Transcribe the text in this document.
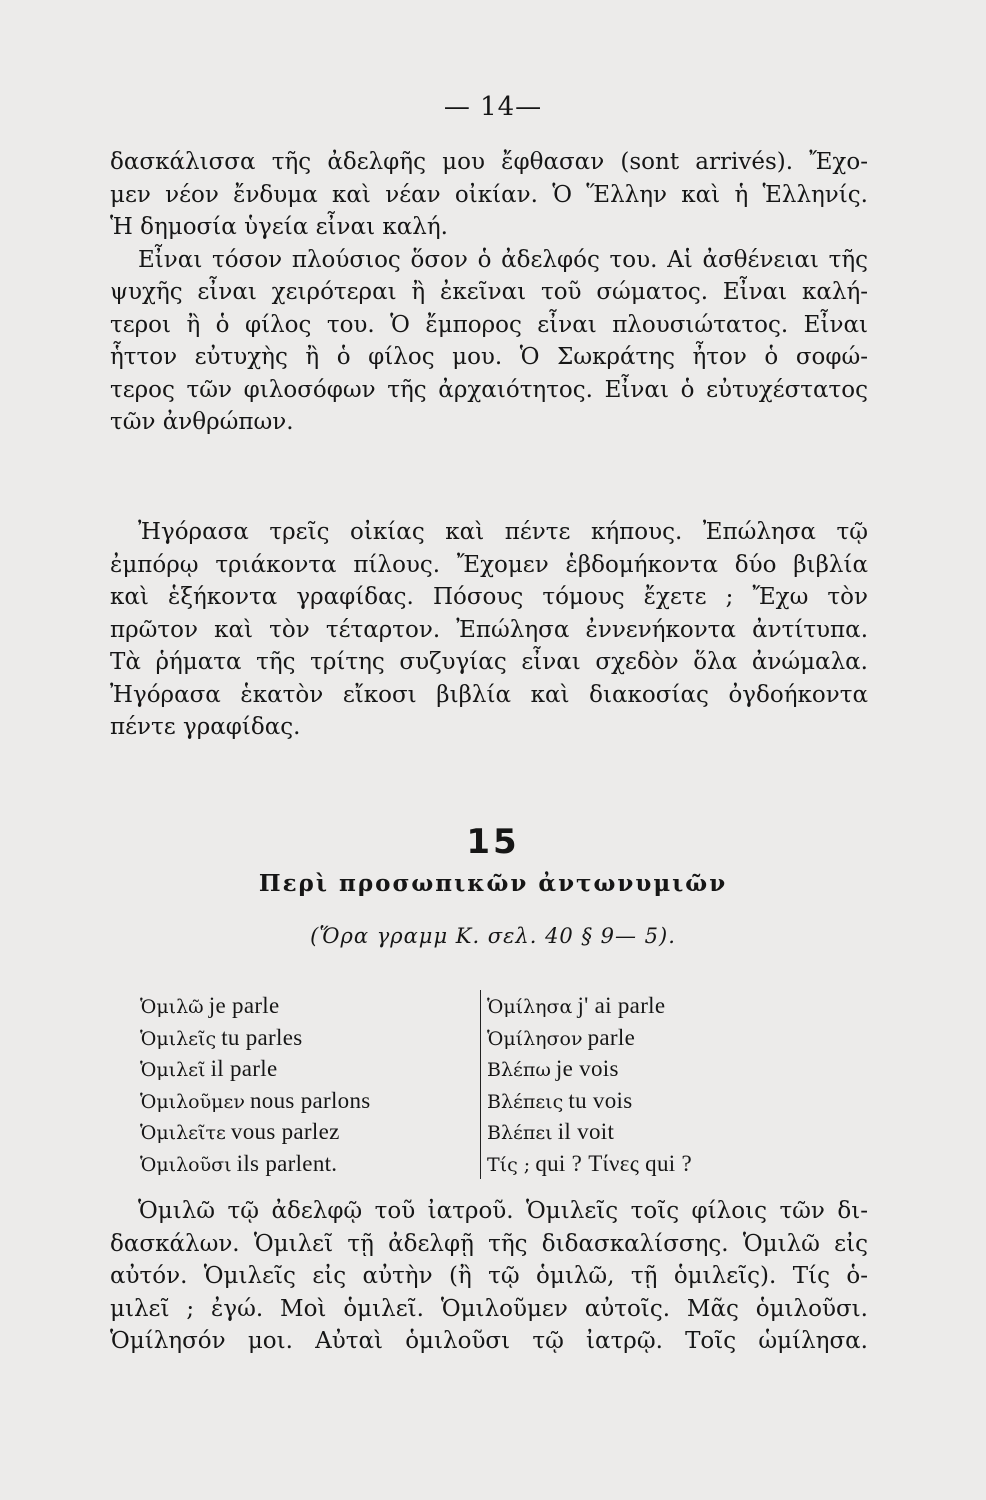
— 14—
δασκάλισσα τῆς ἀδελφῆς μου ἔφθασαν (sont arrivés). Ἔχο-
μεν νέον ἔνδυμα καὶ νέαν οἰκίαν. Ὁ Ἕλλην καὶ ἡ Ἑλληνίς.
Ἡ δημοσία ὑγεία εἶναι καλή.
Εἶναι τόσον πλούσιος ὅσον ὁ ἀδελφός του. Αἱ ἀσθένειαι τῆς
ψυχῆς εἶναι χειρότεραι ἢ ἐκεῖναι τοῦ σώματος. Εἶναι καλή-
τεροι ἢ ὁ φίλος του. Ὁ ἔμπορος εἶναι πλουσιώτατος. Εἶναι
ἧττον εὐτυχὴς ἢ ὁ φίλος μου. Ὁ Σωκράτης ἦτον ὁ σοφώ-
τερος τῶν φιλοσόφων τῆς ἀρχαιότητος. Εἶναι ὁ εὐτυχέστατος
τῶν ἀνθρώπων.
Ἠγόρασα τρεῖς οἰκίας καὶ πέντε κήπους. Ἐπώλησα τῷ
ἐμπόρῳ τριάκοντα πίλους. Ἔχομεν ἑβδομήκοντα δύο βιβλία
καὶ ἑξήκοντα γραφίδας. Πόσους τόμους ἔχετε ; Ἔχω τὸν
πρῶτον καὶ τὸν τέταρτον. Ἐπώλησα ἐννενήκοντα ἀντίτυπα.
Τὰ ῥήματα τῆς τρίτης συζυγίας εἶναι σχεδὸν ὅλα ἀνώμαλα.
Ἠγόρασα ἑκατὸν εἴκοσι βιβλία καὶ διακοσίας ὀγδοήκοντα
πέντε γραφίδας.
15
Περὶ προσωπικῶν ἀντωνυμιῶν
(Ὅρα γραμμ Κ. σελ. 40 § 9— 5).
Ὁμιλῶ je parle
Ὁμιλεῖς tu parles
Ὁμιλεῖ il parle
Ὁμιλοῦμεν nous parlons
Ὁμιλεῖτε vous parlez
Ὁμιλοῦσι ils parlent.
Ὁμίλησα j' ai parle
Ὁμίλησον parle
Βλέπω je vois
Βλέπεις tu vois
Βλέπει il voit
Τίς ; qui ? Τίνες qui ?
Ὁμιλῶ τῷ ἀδελφῷ τοῦ ἰατροῦ. Ὁμιλεῖς τοῖς φίλοις τῶν δι-
δασκάλων. Ὁμιλεῖ τῇ ἀδελφῇ τῆς διδασκαλίσσης. Ὁμιλῶ εἰς
αὐτόν. Ὁμιλεῖς εἰς αὐτὴν (ἢ τῷ ὁμιλῶ, τῇ ὁμιλεῖς). Τίς ὁ-
μιλεῖ ; ἐγώ. Μοὶ ὁμιλεῖ. Ὁμιλοῦμεν αὐτοῖς. Μᾶς ὁμιλοῦσι.
Ὁμίλησόν μοι. Αὐταὶ ὁμιλοῦσι τῷ ἰατρῷ. Τοῖς ὡμίλησα.
